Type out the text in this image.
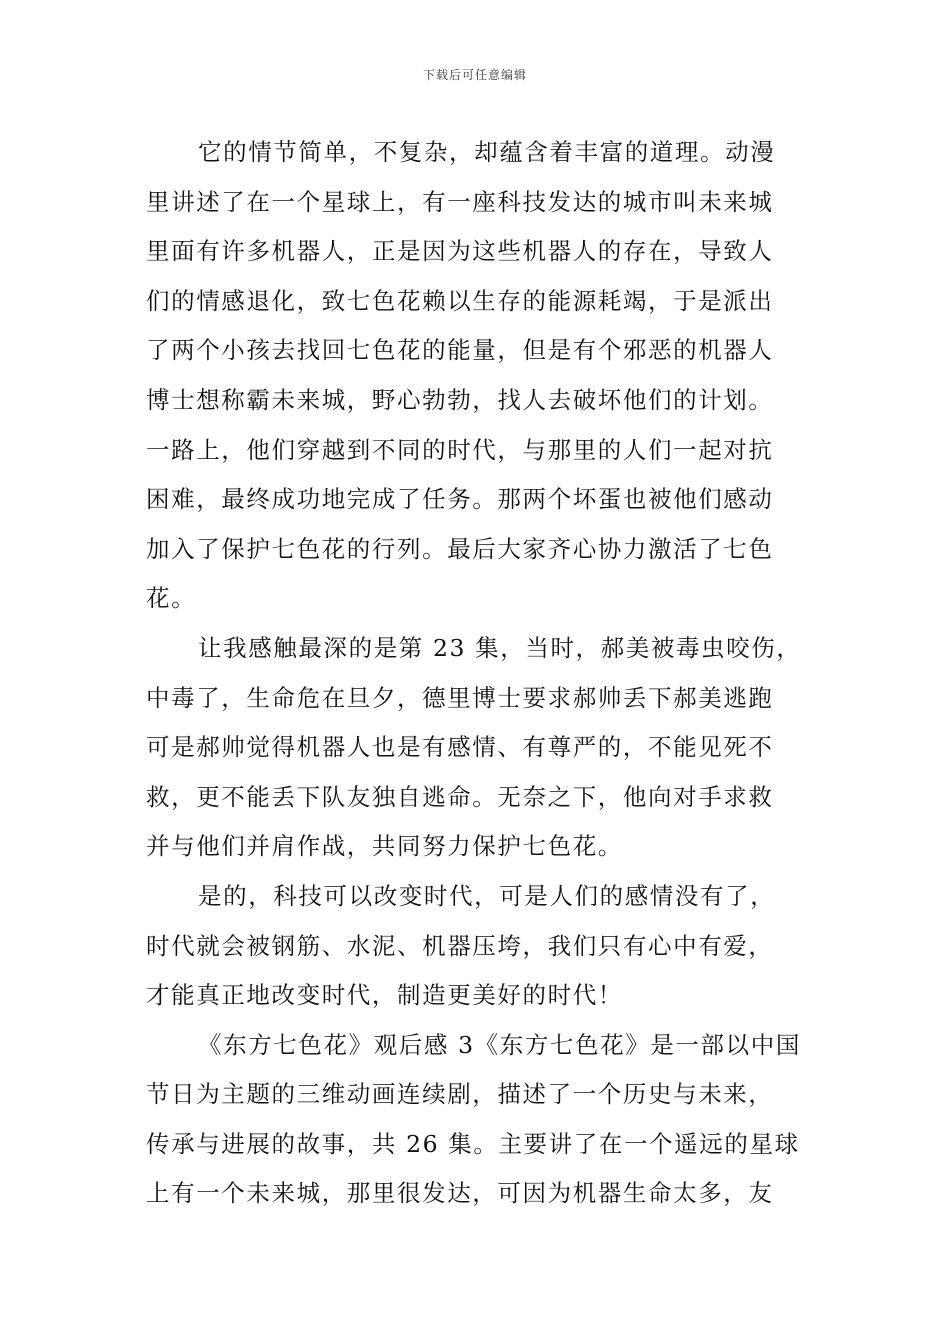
下载后可任意编辑
它的情节简单，不复杂，却蕴含着丰富的道理。动漫
里讲述了在一个星球上，有一座科技发达的城市叫未来城
里面有许多机器人，正是因为这些机器人的存在，导致人
们的情感退化，致七色花赖以生存的能源耗竭，于是派出
了两个小孩去找回七色花的能量，但是有个邪恶的机器人
博士想称霸未来城，野心勃勃，找人去破坏他们的计划。
一路上，他们穿越到不同的时代，与那里的人们一起对抗
困难，最终成功地完成了任务。那两个坏蛋也被他们感动
加入了保护七色花的行列。最后大家齐心协力激活了七色
花。
让我感触最深的是第 23 集，当时，郝美被毒虫咬伤，
中毒了，生命危在旦夕，德里博士要求郝帅丢下郝美逃跑
可是郝帅觉得机器人也是有感情、有尊严的，不能见死不
救，更不能丢下队友独自逃命。无奈之下，他向对手求救
并与他们并肩作战，共同努力保护七色花。
是的，科技可以改变时代，可是人们的感情没有了，
时代就会被钢筋、水泥、机器压垮，我们只有心中有爱，
才能真正地改变时代，制造更美好的时代！
《东方七色花》观后感 3《东方七色花》是一部以中国
节日为主题的三维动画连续剧，描述了一个历史与未来，
传承与进展的故事，共 26 集。主要讲了在一个遥远的星球
上有一个未来城，那里很发达，可因为机器生命太多，友
